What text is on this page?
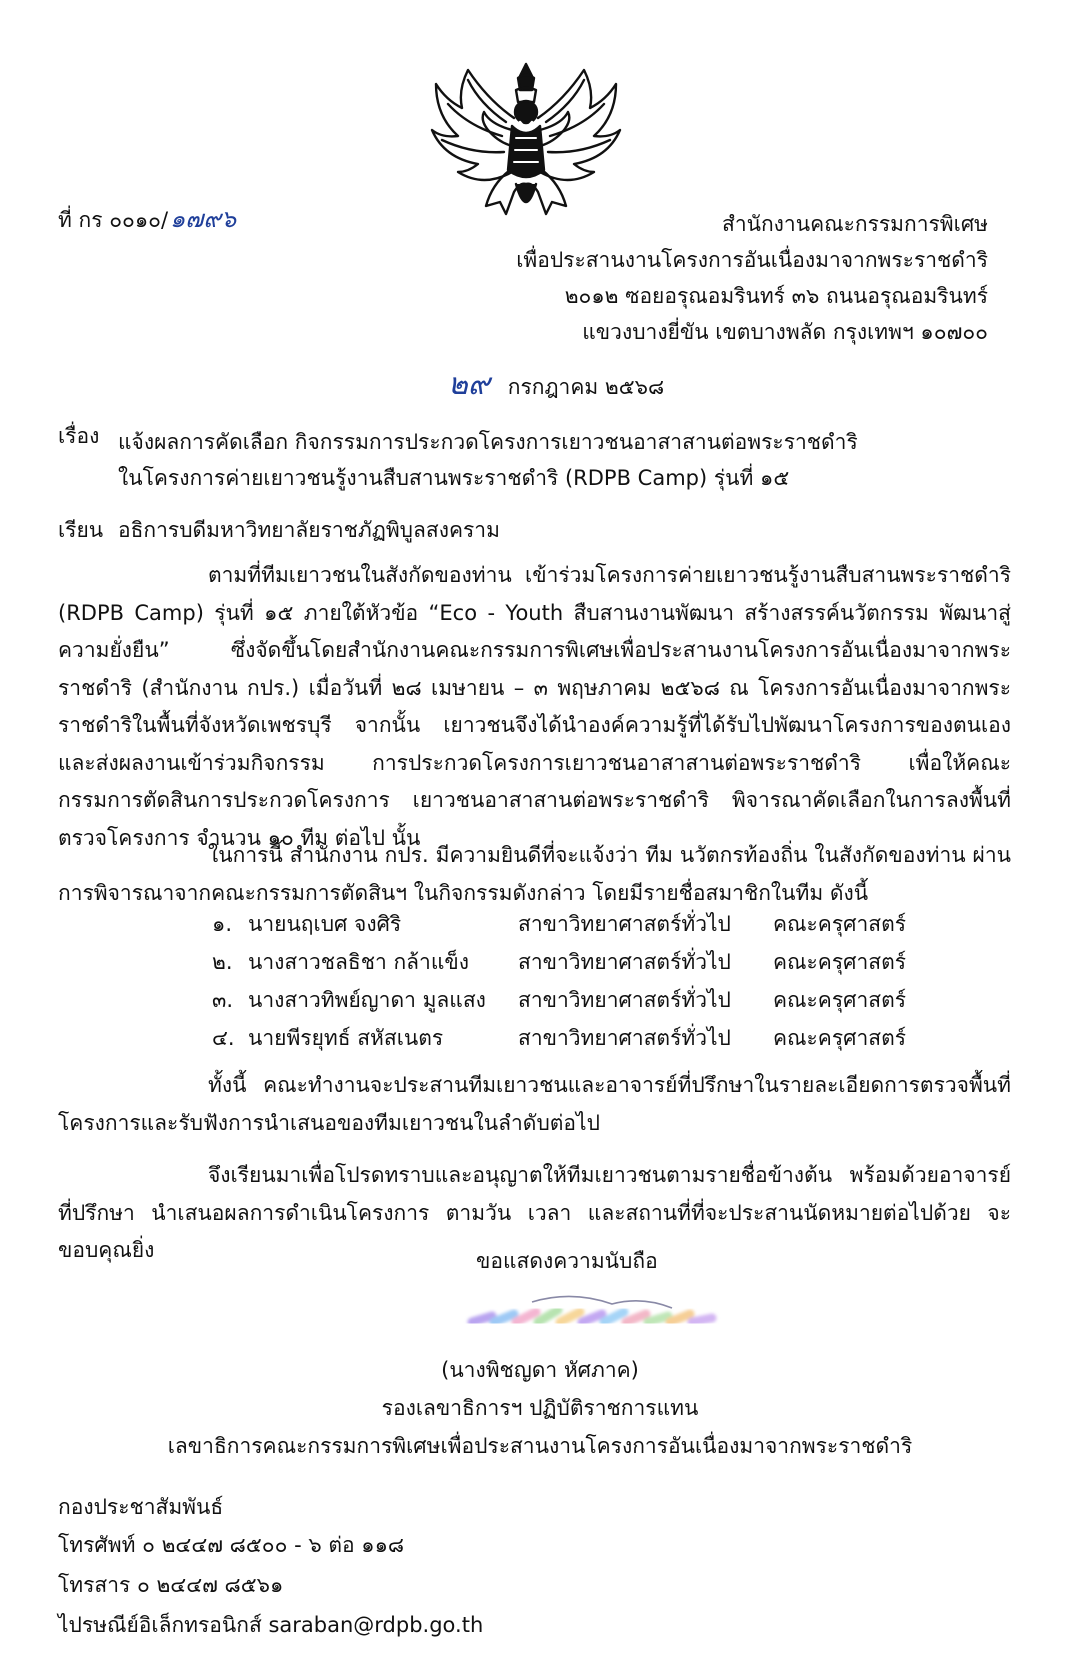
ที่ กร ๐๐๑๐/๑๗๙๖	สำนักงานคณะกรรมการพิเศษ
เพื่อประสานงานโครงการอันเนื่องมาจากพระราชดำริ
๒๐๑๒ ซอยอรุณอมรินทร์ ๓๖ ถนนอรุณอมรินทร์
แขวงบางยี่ขัน เขตบางพลัด กรุงเทพฯ ๑๐๗๐๐
๒๙ กรกฎาคม ๒๕๖๘
เรื่อง แจ้งผลการคัดเลือก กิจกรรมการประกวดโครงการเยาวชนอาสาสานต่อพระราชดำริ
ในโครงการค่ายเยาวชนรู้งานสืบสานพระราชดำริ (RDPB Camp) รุ่นที่ ๑๕
เรียน อธิการบดีมหาวิทยาลัยราชภัฏพิบูลสงคราม
ตามที่ทีมเยาวชนในสังกัดของท่าน เข้าร่วมโครงการค่ายเยาวชนรู้งานสืบสานพระราชดำริ (RDPB Camp) รุ่นที่ ๑๕ ภายใต้หัวข้อ “Eco - Youth สืบสานงานพัฒนา สร้างสรรค์นวัตกรรม พัฒนาสู่ความยั่งยืน” ซึ่งจัดขึ้นโดยสำนักงานคณะกรรมการพิเศษเพื่อประสานงานโครงการอันเนื่องมาจากพระราชดำริ (สำนักงาน กปร.) เมื่อวันที่ ๒๘ เมษายน – ๓ พฤษภาคม ๒๕๖๘ ณ โครงการอันเนื่องมาจากพระราชดำริในพื้นที่จังหวัดเพชรบุรี จากนั้น เยาวชนจึงได้นำองค์ความรู้ที่ได้รับไปพัฒนาโครงการของตนเอง และส่งผลงานเข้าร่วมกิจกรรม การประกวดโครงการเยาวชนอาสาสานต่อพระราชดำริ เพื่อให้คณะกรรมการตัดสินการประกวดโครงการ เยาวชนอาสาสานต่อพระราชดำริ พิจารณาคัดเลือกในการลงพื้นที่ตรวจโครงการ จำนวน ๑๐ ทีม ต่อไป นั้น
ในการนี้ สำนักงาน กปร. มีความยินดีที่จะแจ้งว่า ทีม นวัตกรท้องถิ่น ในสังกัดของท่าน ผ่านการพิจารณาจากคณะกรรมการตัดสินฯ ในกิจกรรมดังกล่าว โดยมีรายชื่อสมาชิกในทีม ดังนี้
๑. นายนฤเบศ จงศิริ	สาขาวิทยาศาสตร์ทั่วไป คณะครุศาสตร์
๒. นางสาวชลธิชา กล้าแข็ง สาขาวิทยาศาสตร์ทั่วไป คณะครุศาสตร์
๓. นางสาวทิพย์ญาดา มูลแสง สาขาวิทยาศาสตร์ทั่วไป คณะครุศาสตร์
๔. นายพีรยุทธ์ สหัสเนตร	สาขาวิทยาศาสตร์ทั่วไป คณะครุศาสตร์
ทั้งนี้ คณะทำงานจะประสานทีมเยาวชนและอาจารย์ที่ปรึกษาในรายละเอียดการตรวจพื้นที่ โครงการและรับฟังการนำเสนอของทีมเยาวชนในลำดับต่อไป
จึงเรียนมาเพื่อโปรดทราบและอนุญาตให้ทีมเยาวชนตามรายชื่อข้างต้น พร้อมด้วยอาจารย์ ที่ปรึกษา นำเสนอผลการดำเนินโครงการ ตามวัน เวลา และสถานที่ที่จะประสานนัดหมายต่อไปด้วย จะขอบคุณยิ่ง	ขอแสดงความนับถือ
(นางพิชญดา หัศภาค)
รองเลขาธิการฯ ปฏิบัติราชการแทน
เลขาธิการคณะกรรมการพิเศษเพื่อประสานงานโครงการอันเนื่องมาจากพระราชดำริ
กองประชาสัมพันธ์
โทรศัพท์ ๐ ๒๔๔๗ ๘๕๐๐ - ๖ ต่อ ๑๑๘
โทรสาร ๐ ๒๔๔๗ ๘๕๖๑
ไปรษณีย์อิเล็กทรอนิกส์ saraban@rdpb.go.th
